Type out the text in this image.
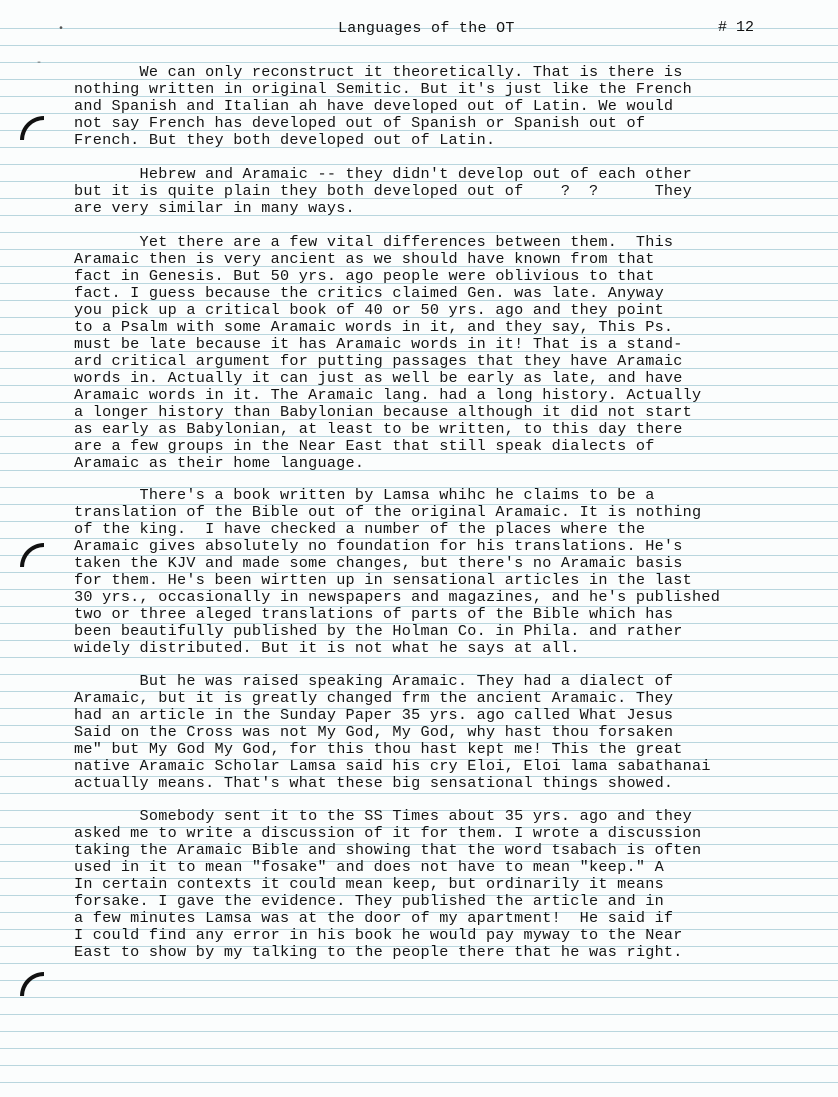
•
-
Languages of the OT	# 12
We can only reconstruct it theoretically. That is there is
nothing written in original Semitic. But it's just like the French
and Spanish and Italian ah have developed out of Latin. We would
not say French has developed out of Spanish or Spanish out of
French. But they both developed out of Latin.
Hebrew and Aramaic -- they didn't develop out of each other
but it is quite plain they both developed out of    ?  ?      They
are very similar in many ways.
Yet there are a few vital differences between them.  This
Aramaic then is very ancient as we should have known from that
fact in Genesis. But 50 yrs. ago people were oblivious to that
fact. I guess because the critics claimed Gen. was late. Anyway
you pick up a critical book of 40 or 50 yrs. ago and they point
to a Psalm with some Aramaic words in it, and they say, This Ps.
must be late because it has Aramaic words in it! That is a stand-
ard critical argument for putting passages that they have Aramaic
words in. Actually it can just as well be early as late, and have
Aramaic words in it. The Aramaic lang. had a long history. Actually
a longer history than Babylonian because although it did not start
as early as Babylonian, at least to be written, to this day there
are a few groups in the Near East that still speak dialects of
Aramaic as their home language.
There's a book written by Lamsa whihc he claims to be a
translation of the Bible out of the original Aramaic. It is nothing
of the king.  I have checked a number of the places where the
Aramaic gives absolutely no foundation for his translations. He's
taken the KJV and made some changes, but there's no Aramaic basis
for them. He's been wirtten up in sensational articles in the last
30 yrs., occasionally in newspapers and magazines, and he's published
two or three aleged translations of parts of the Bible which has
been beautifully published by the Holman Co. in Phila. and rather
widely distributed. But it is not what he says at all.
But he was raised speaking Aramaic. They had a dialect of
Aramaic, but it is greatly changed frm the ancient Aramaic. They
had an article in the Sunday Paper 35 yrs. ago called What Jesus
Said on the Cross was not My God, My God, why hast thou forsaken
me" but My God My God, for this thou hast kept me! This the great
native Aramaic Scholar Lamsa said his cry Eloi, Eloi lama sabathanai
actually means. That's what these big sensational things showed.
Somebody sent it to the SS Times about 35 yrs. ago and they
asked me to write a discussion of it for them. I wrote a discussion
taking the Aramaic Bible and showing that the word tsabach is often
used in it to mean "fosake" and does not have to mean "keep." A
In certain contexts it could mean keep, but ordinarily it means
forsake. I gave the evidence. They published the article and in
a few minutes Lamsa was at the door of my apartment!  He said if
I could find any error in his book he would pay myway to the Near
East to show by my talking to the people there that he was right.
